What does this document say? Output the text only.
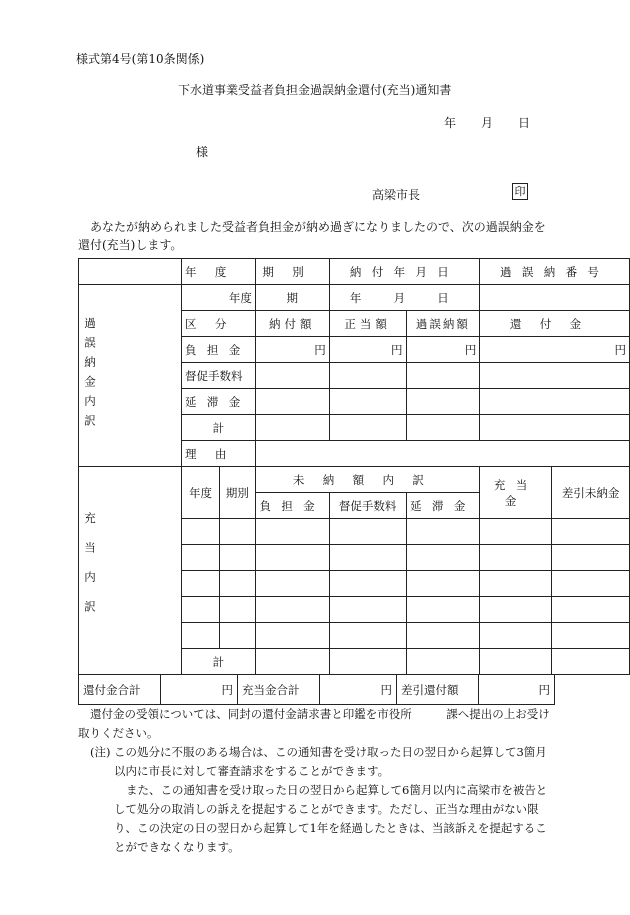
様式第4号(第10条関係)
下水道事業受益者負担金過誤納金還付(充当)通知書
年 月 日
様
高梁市長	印
あなたが納められました受益者負担金が納め過ぎになりましたので、次の過誤納金を還付(充当)します。
	年度		期別	納付年月日		過誤納番号	

過誤納金内訳	年度		期	年　月　日			
	区分		納付額	正当額	過誤納額	還付金	
	負担金		円	円	円	円	
	督促手数料						
	延滞金						
	計						
	理由						

充当内訳	年度	期別	未納額内訳			充当金	差引未納金
			負担金	督促手数料	延滞金		

	計						
還付金合計	円	充当金合計	円	差引還付額	円

還付金の受領については、同封の還付金請求書と印鑑を市役所　　　課へ提出の上お受け取りください。

(注) この処分に不服のある場合は、この通知書を受け取った日の翌日から起算して3箇月以内に市長に対して審査請求をすることができます。

また、この通知書を受け取った日の翌日から起算して6箇月以内に高梁市を被告として処分の取消しの訴えを提起することができます。ただし、正当な理由がない限り、この決定の日の翌日から起算して1年を経過したときは、当該訴えを提起することができなくなります。
